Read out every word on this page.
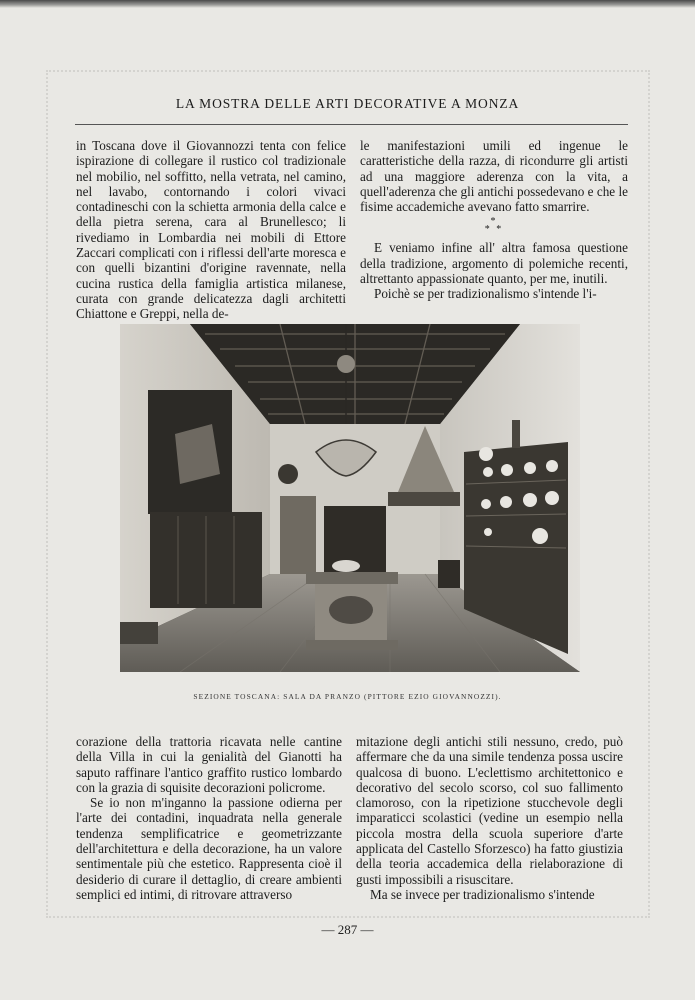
LA MOSTRA DELLE ARTI DECORATIVE A MONZA

in Toscana dove il Giovannozzi tenta con felice ispirazione di collegare il rustico col tradizionale nel mobilio, nel soffitto, nella vetrata, nel camino, nel lavabo, contornando i colori vivaci contadineschi con la schietta armonia della calce e della pietra serena, cara al Brunellesco; li rivediamo in Lombardia nei mobili di Ettore Zaccari complicati con i riflessi dell'arte moresca e con quelli bizantini d'origine ravennate, nella cucina rustica della famiglia artistica milanese, curata con grande delicatezza dagli architetti Chiattone e Greppi, nella de-

le manifestazioni umili ed ingenue le caratteristiche della razza, di ricondurre gli artisti ad una maggiore aderenza con la vita, a quell'aderenza che gli antichi possedevano e che le fisime accademiche avevano fatto smarrire.

*
* *

E veniamo infine all' altra famosa questione della tradizione, argomento di polemiche recenti, altrettanto appassionate quanto, per me, inutili.

Poichè se per tradizionalismo s'intende l'i-

SEZIONE TOSCANA: SALA DA PRANZO (PITTORE EZIO GIOVANNOZZI).

corazione della trattoria ricavata nelle cantine della Villa in cui la genialità del Gianotti ha saputo raffinare l'antico graffito rustico lombardo con la grazia di squisite decorazioni policrome.

Se io non m'inganno la passione odierna per l'arte dei contadini, inquadrata nella generale tendenza semplificatrice e geometrizzante dell'architettura e della decorazione, ha un valore sentimentale più che estetico. Rappresenta cioè il desiderio di curare il dettaglio, di creare ambienti semplici ed intimi, di ritrovare attraverso

mitazione degli antichi stili nessuno, credo, può affermare che da una simile tendenza possa uscire qualcosa di buono. L'eclettismo architettonico e decorativo del secolo scorso, col suo fallimento clamoroso, con la ripetizione stucchevole degli imparaticci scolastici (vedine un esempio nella piccola mostra della scuola superiore d'arte applicata del Castello Sforzesco) ha fatto giustizia della teoria accademica della rielaborazione di gusti impossibili a risuscitare.

Ma se invece per tradizionalismo s'intende

— 287 —
